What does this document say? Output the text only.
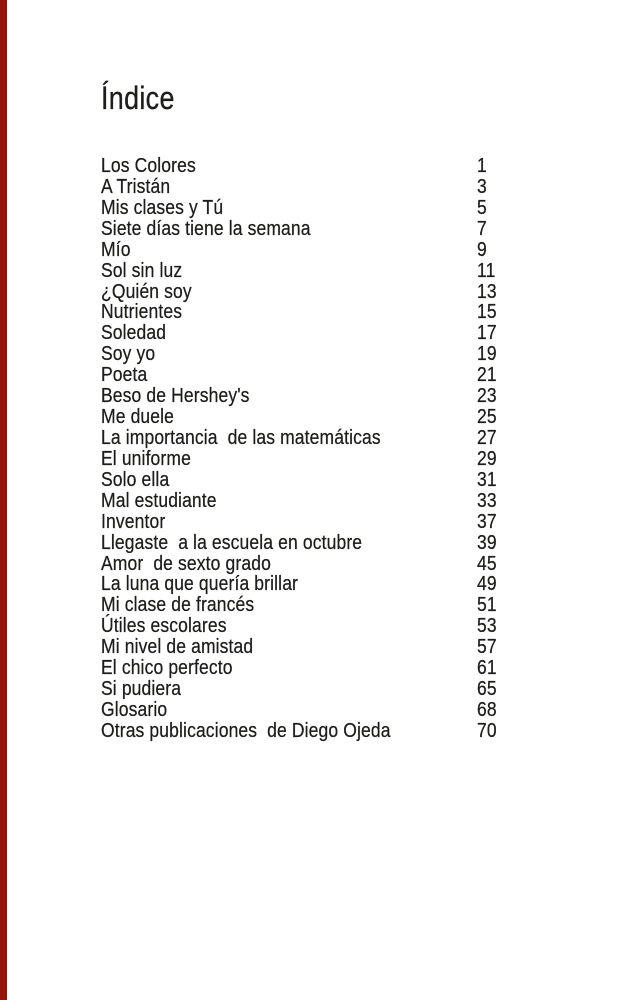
Índice
Los Colores	1
A Tristán	3
Mis clases y Tú	5
Siete días tiene la semana	7
Mío	9
Sol sin luz	11
¿Quién soy	13
Nutrientes	15
Soledad	17
Soy yo	19
Poeta	21
Beso de Hershey's	23
Me duele	25
La importancia  de las matemáticas	27
El uniforme	29
Solo ella	31
Mal estudiante	33
Inventor	37
Llegaste  a la escuela en octubre	39
Amor  de sexto grado	45
La luna que quería brillar	49
Mi clase de francés	51
Útiles escolares	53
Mi nivel de amistad	57
El chico perfecto	61
Si pudiera	65
Glosario	68
Otras publicaciones  de Diego Ojeda	70
